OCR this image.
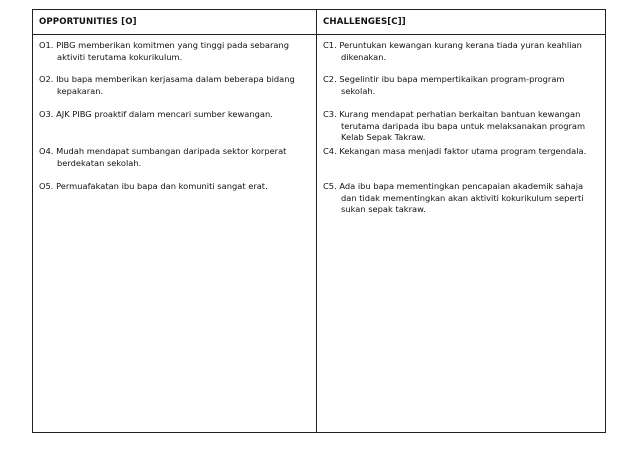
OPPORTUNITIES [O]	CHALLENGES[C]]
O1. PIBG memberikan komitmen yang tinggi pada sebarang
aktiviti terutama kokurikulum.
O2. Ibu bapa memberikan kerjasama dalam beberapa bidang
kepakaran.
O3. AJK PIBG proaktif dalam mencari sumber kewangan.
O4. Mudah mendapat sumbangan daripada sektor korperat
berdekatan sekolah.
O5. Permuafakatan ibu bapa dan komuniti sangat erat.
C1. Peruntukan kewangan kurang kerana tiada yuran keahlian
dikenakan.
C2. Segelintir ibu bapa mempertikaikan program-program
sekolah.
C3. Kurang mendapat perhatian berkaitan bantuan kewangan
terutama daripada ibu bapa untuk melaksanakan program
Kelab Sepak Takraw.
C4. Kekangan masa menjadi faktor utama program tergendala.
C5. Ada ibu bapa mementingkan pencapaian akademik sahaja
dan tidak mementingkan akan aktiviti kokurikulum seperti
sukan sepak takraw.
